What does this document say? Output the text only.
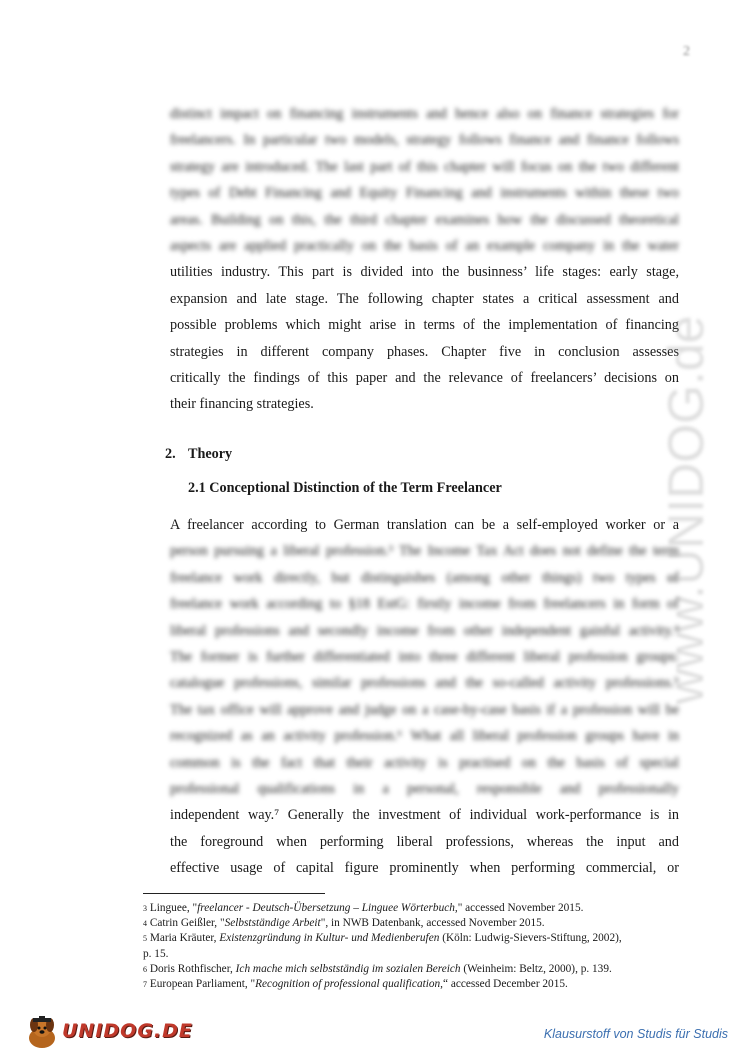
2
distinct impact on financing instruments and hence also on finance strategies for
freelancers. In particular two models, strategy follows finance and finance follows
strategy are introduced. The last part of this chapter will focus on the two different
types of Debt Financing and Equity Financing and instruments within these two
areas. Building on this, the third chapter examines how the discussed theoretical
aspects are applied practically on the basis of an example company in the water
utilities industry. This part is divided into the businness’ life stages: early stage,
expansion and late stage. The following chapter states a critical assessment and
possible problems which might arise in terms of the implementation of financing
strategies in different company phases. Chapter five in conclusion assesses
critically the findings of this paper and the relevance of freelancers’ decisions on
their financing strategies.
2. Theory
2.1 Conceptional Distinction of the Term Freelancer
A freelancer according to German translation can be a self-employed worker or a
person pursuing a liberal profession.³ The Income Tax Act does not define the term
freelance work directly, but distinguishes (among other things) two types of
freelance work according to §18 EstG: firstly income from freelancers in form of
liberal professions and secondly income from other independent gainful activity.⁴
The former is further differentiated into three different liberal profession groups:
catalogue professions, similar professions and the so-called activity professions.⁵
The tax office will approve and judge on a case-by-case basis if a profession will be
recognized as an activity profession.⁶ What all liberal profession groups have in
common is the fact that their activity is practised on the basis of special
professional qualifications in a personal, responsible and professionally
independent way.⁷ Generally the investment of individual work-performance is in
the foreground when performing liberal professions, whereas the input and
effective usage of capital figure prominently when performing commercial, or
$^3$ Linguee, "freelancer - Deutsch-Übersetzung – Linguee Wörterbuch," accessed November 2015.
$^4$ Catrin Geißler, "Selbstständige Arbeit", in NWB Datenbank, accessed November 2015.
$^5$ Maria Kräuter, Existenzgründung in Kultur- und Medienberufen (Köln: Ludwig-Sievers-Stiftung, 2002),
p. 15.
$^6$ Doris Rothfischer, Ich mache mich selbstständig im sozialen Bereich (Weinheim: Beltz, 2000), p. 139.
$^7$ European Parliament, "Recognition of professional qualification,“ accessed December 2015.
www.UNIDOG.de
UNIDOG.DE	Klausurstoff von Studis für Studis
